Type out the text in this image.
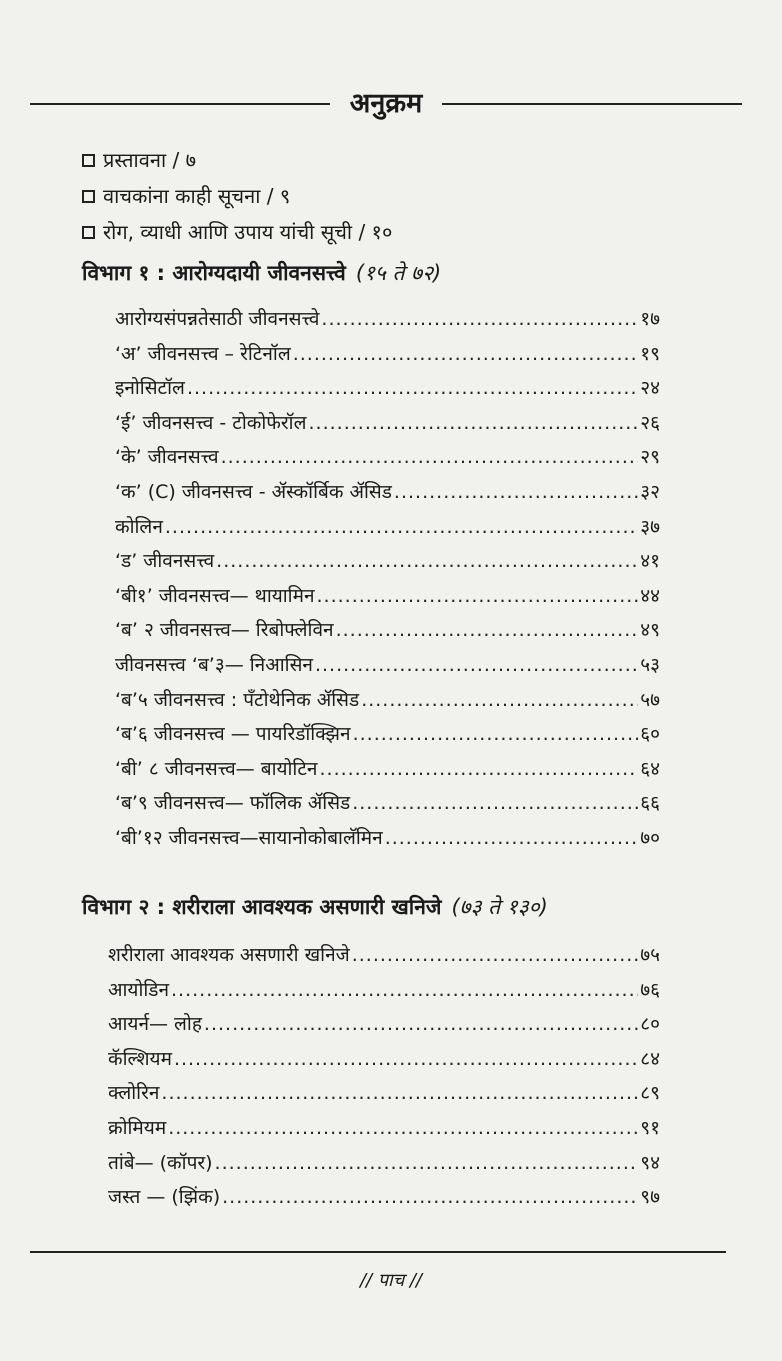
अनुक्रम
प्रस्तावना / ७
वाचकांना काही सूचना / ९
रोग, व्याधी आणि उपाय यांची सूची / १०
विभाग १ : आरोग्यदायी जीवनसत्त्वे (१५ ते ७२)
आरोग्यसंपन्नतेसाठी जीवनसत्त्वे .....	१७
‘अ’ जीवनसत्त्व – रेटिनॉल .....	१९
इनोसिटॉल .....	२४
‘ई’ जीवनसत्त्व - टोकोफेरॉल .....	२६
‘के’ जीवनसत्त्व .....	२९
‘क’ (C) जीवनसत्त्व - ॲस्कॉर्बिक ॲसिड .....	३२
कोलिन .....	३७
‘ड’ जीवनसत्त्व .....	४१
‘बी१’ जीवनसत्त्व— थायामिन .....	४४
‘ब’ २ जीवनसत्त्व— रिबोफ्लेविन .....	४९
जीवनसत्त्व ‘ब’३— निआसिन .....	५३
‘ब’५ जीवनसत्त्व : पँटोथेनिक ॲसिड .....	५७
‘ब’६ जीवनसत्त्व — पायरिडॉक्झिन .....	६०
‘बी’ ८ जीवनसत्त्व— बायोटिन .....	६४
‘ब’९ जीवनसत्त्व— फॉलिक ॲसिड .....	६६
‘बी’१२ जीवनसत्त्व—सायानोकोबालॅमिन .....	७०
विभाग २ : शरीराला आवश्यक असणारी खनिजे (७३ ते १३०)
शरीराला आवश्यक असणारी खनिजे .....	७५
आयोडिन .....	७६
आयर्न— लोह .....	८०
कॅल्शियम .....	८४
क्लोरिन .....	८९
क्रोमियम .....	९१
तांबे— (कॉपर) .....	९४
जस्त — (झिंक) .....	९७
// पाच //
